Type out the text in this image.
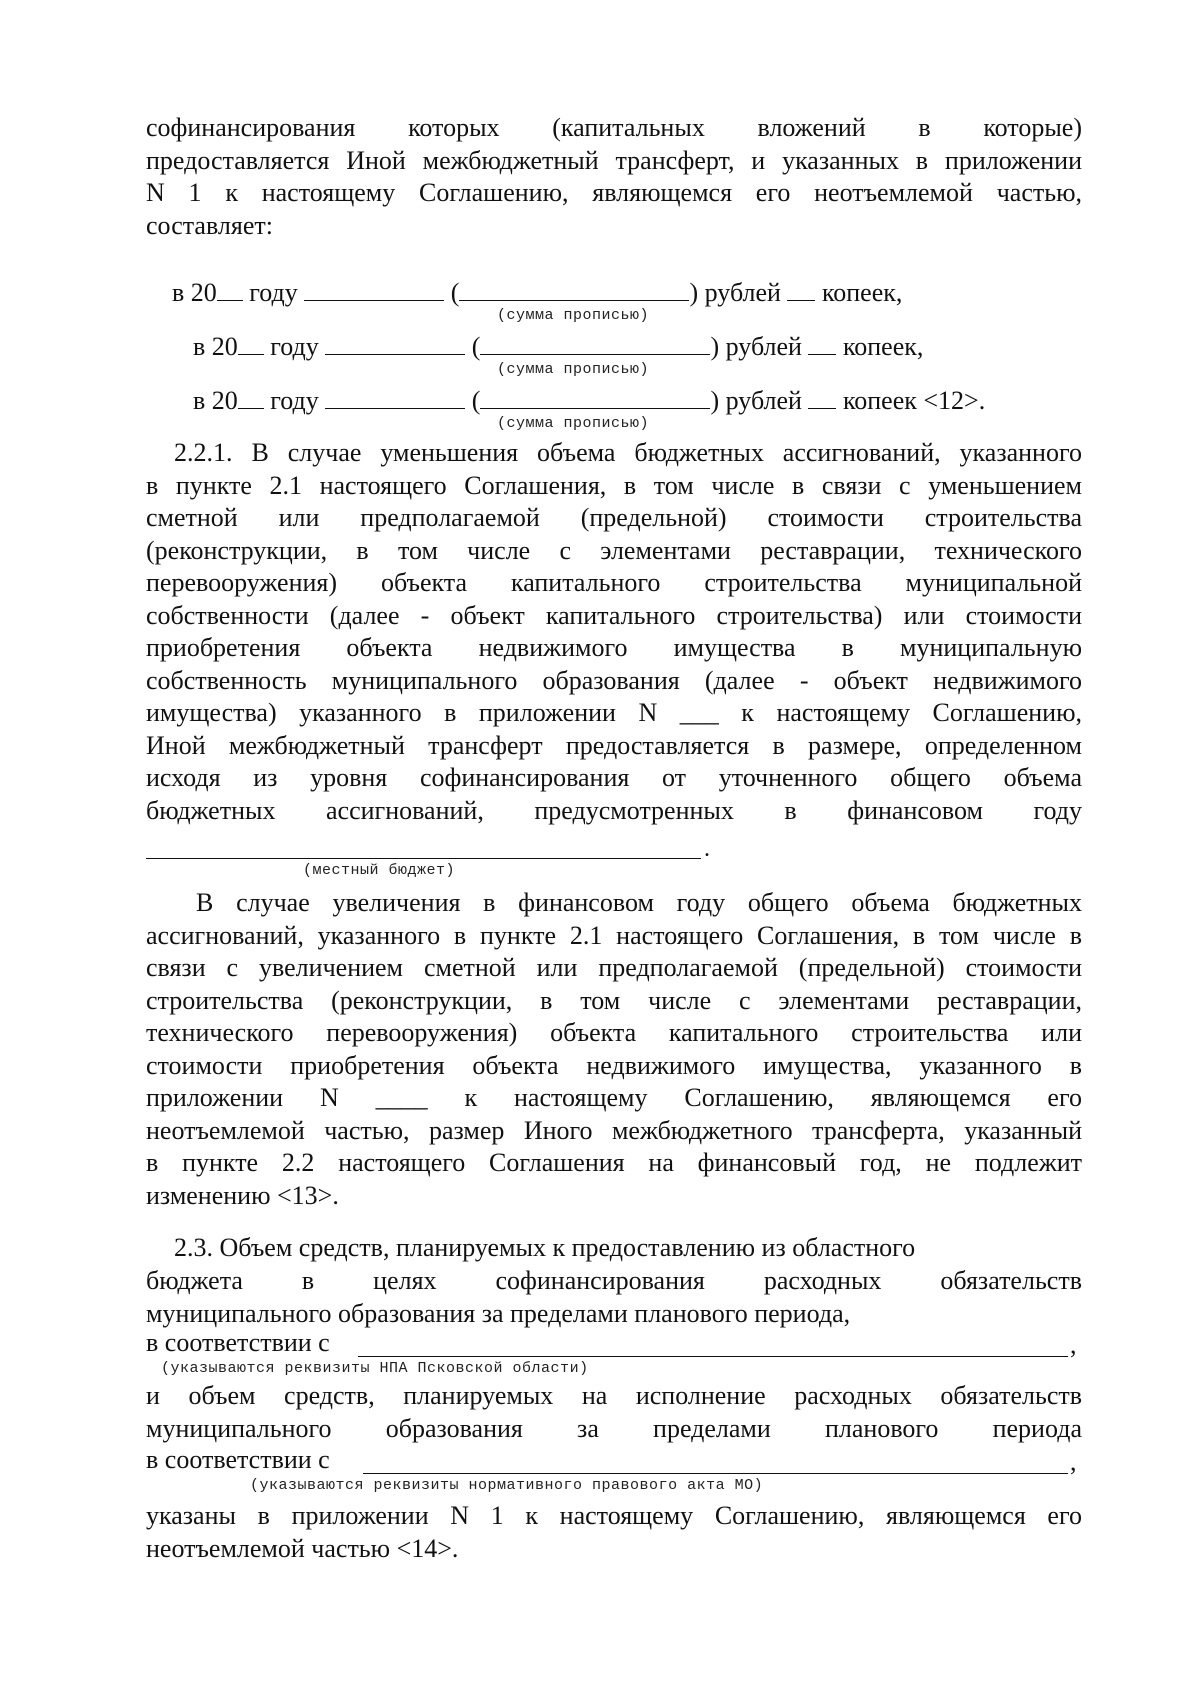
софинансирования которых (капитальных вложений в которые)
предоставляется Иной межбюджетный трансферт, и указанных в приложении
N 1 к настоящему Соглашению, являющемся его неотъемлемой частью,
составляет:
в 20 году	(	) рублей копеек,
(сумма прописью)
в 20 году	(	) рублей копеек,
(сумма прописью)
в 20 году	(	) рублей копеек <12>.
(сумма прописью)
2.2.1. В случае уменьшения объема бюджетных ассигнований, указанного
в пункте 2.1 настоящего Соглашения, в том числе в связи с уменьшением
сметной или предполагаемой (предельной) стоимости строительства
(реконструкции, в том числе с элементами реставрации, технического
перевооружения) объекта капитального строительства муниципальной
собственности (далее - объект капитального строительства) или стоимости
приобретения объекта недвижимого имущества в муниципальную
собственность муниципального образования (далее - объект недвижимого
имущества) указанного в приложении N ___ к настоящему Соглашению,
Иной межбюджетный трансферт предоставляется в размере, определенном
исходя из уровня софинансирования от уточненного общего объема
бюджетных ассигнований, предусмотренных в финансовом году
.
(местный бюджет)
В случае увеличения в финансовом году общего объема бюджетных
ассигнований, указанного в пункте 2.1 настоящего Соглашения, в том числе в
связи с увеличением сметной или предполагаемой (предельной) стоимости
строительства (реконструкции, в том числе с элементами реставрации,
технического перевооружения) объекта капитального строительства или
стоимости приобретения объекта недвижимого имущества, указанного в
приложении N ____ к настоящему Соглашению, являющемся его
неотъемлемой частью, размер Иного межбюджетного трансферта, указанный
в пункте 2.2 настоящего Соглашения на финансовый год, не подлежит
изменению <13>.
2.3. Объем средств, планируемых к предоставлению из областного
бюджета в целях софинансирования расходных обязательств
муниципального образования за пределами планового периода,
в соответствии с	,
(указываются реквизиты НПА Псковской области)
и объем средств, планируемых на исполнение расходных обязательств
муниципального образования за пределами планового периода
в соответствии с	,
(указываются реквизиты нормативного правового акта МО)
указаны в приложении N 1 к настоящему Соглашению, являющемся его
неотъемлемой частью <14>.
